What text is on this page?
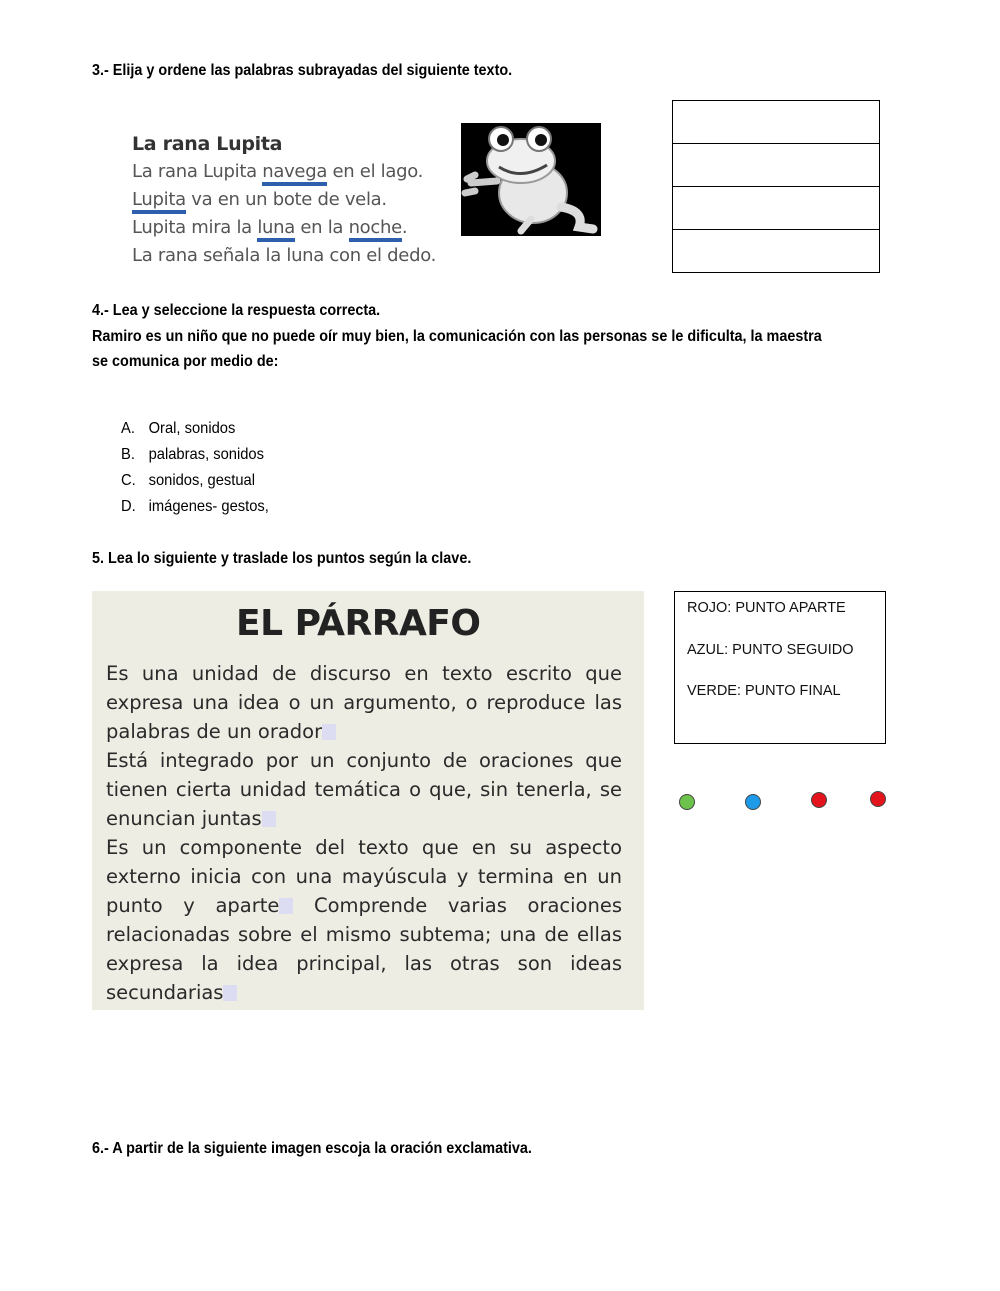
3.- Elija y ordene las palabras subrayadas del siguiente texto.
La rana Lupita
La rana Lupita navega en el lago.
Lupita va en un bote de vela.
Lupita mira la luna en la noche.
La rana señala la luna con el dedo.
4.- Lea y seleccione la respuesta correcta.
Ramiro es un niño que no puede oír muy bien, la comunicación con las personas se le dificulta, la maestra
se comunica por medio de:
A. Oral, sonidos
B. palabras, sonidos
C. sonidos, gestual
D. imágenes- gestos,
5. Lea lo siguiente y traslade los puntos según la clave.
EL PÁRRAFO
Es una unidad de discurso en texto escrito que
expresa una idea o un argumento, o reproduce las
palabras de un orador
Está integrado por un conjunto de oraciones que
tienen cierta unidad temática o que, sin tenerla, se
enuncian juntas
Es un componente del texto que en su aspecto
externo inicia con una mayúscula y termina en un
punto y aparte Comprende varias oraciones
relacionadas sobre el mismo subtema; una de ellas
expresa la idea principal, las otras son ideas
secundarias
ROJO: PUNTO APARTE
AZUL: PUNTO SEGUIDO
VERDE: PUNTO FINAL
6.- A partir de la siguiente imagen escoja la oración exclamativa.
